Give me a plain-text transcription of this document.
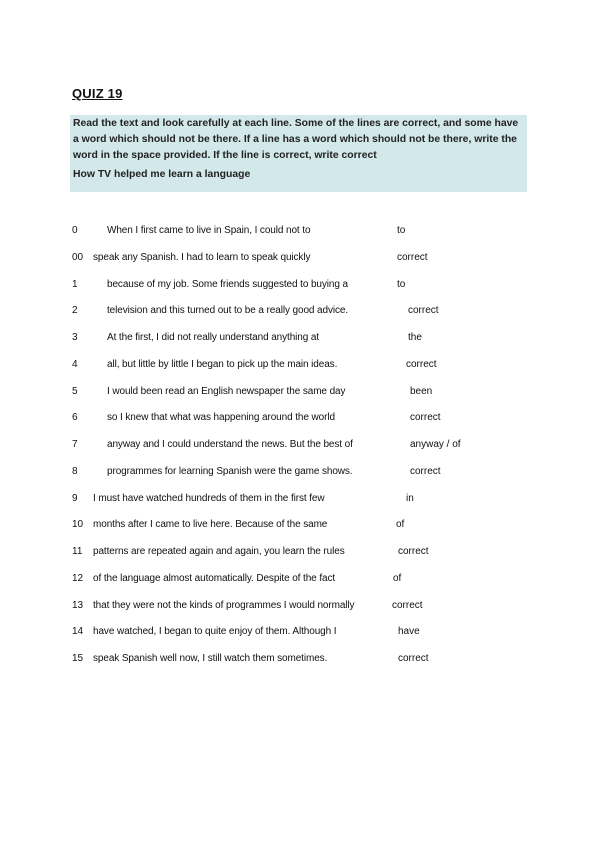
QUIZ 19
Read the text and look carefully at each line. Some of the lines are correct, and some have a word which should not be there. If a line has a word which should not be there, write the word in the space provided. If the line is correct, write correct
How TV helped me learn a language
0	When I first came to live in Spain, I could not to	to
00 speak any Spanish. I had to learn to speak quickly	correct
1	because of my job. Some friends suggested to buying a	to
2	television and this turned out to be a really good advice.	correct
3	At the first, I did not really understand anything at	the
4	all, but little by little I began to pick up the main ideas.	correct
5	I would been read an English newspaper the same day	been
6	so I knew that what was happening around the world	correct
7	anyway and I could understand the news. But the best of	anyway / of
8	programmes for learning Spanish were the game shows.	correct
9 I must have watched hundreds of them in the first few	in
10 months after I came to live here. Because of the same	of
11 patterns are repeated again and again, you learn the rules	correct
12 of the language almost automatically. Despite of the fact	of
13 that they were not the kinds of programmes I would normally	correct
14 have watched, I began to quite enjoy of them. Although I	have
15 speak Spanish well now, I still watch them sometimes.	correct
